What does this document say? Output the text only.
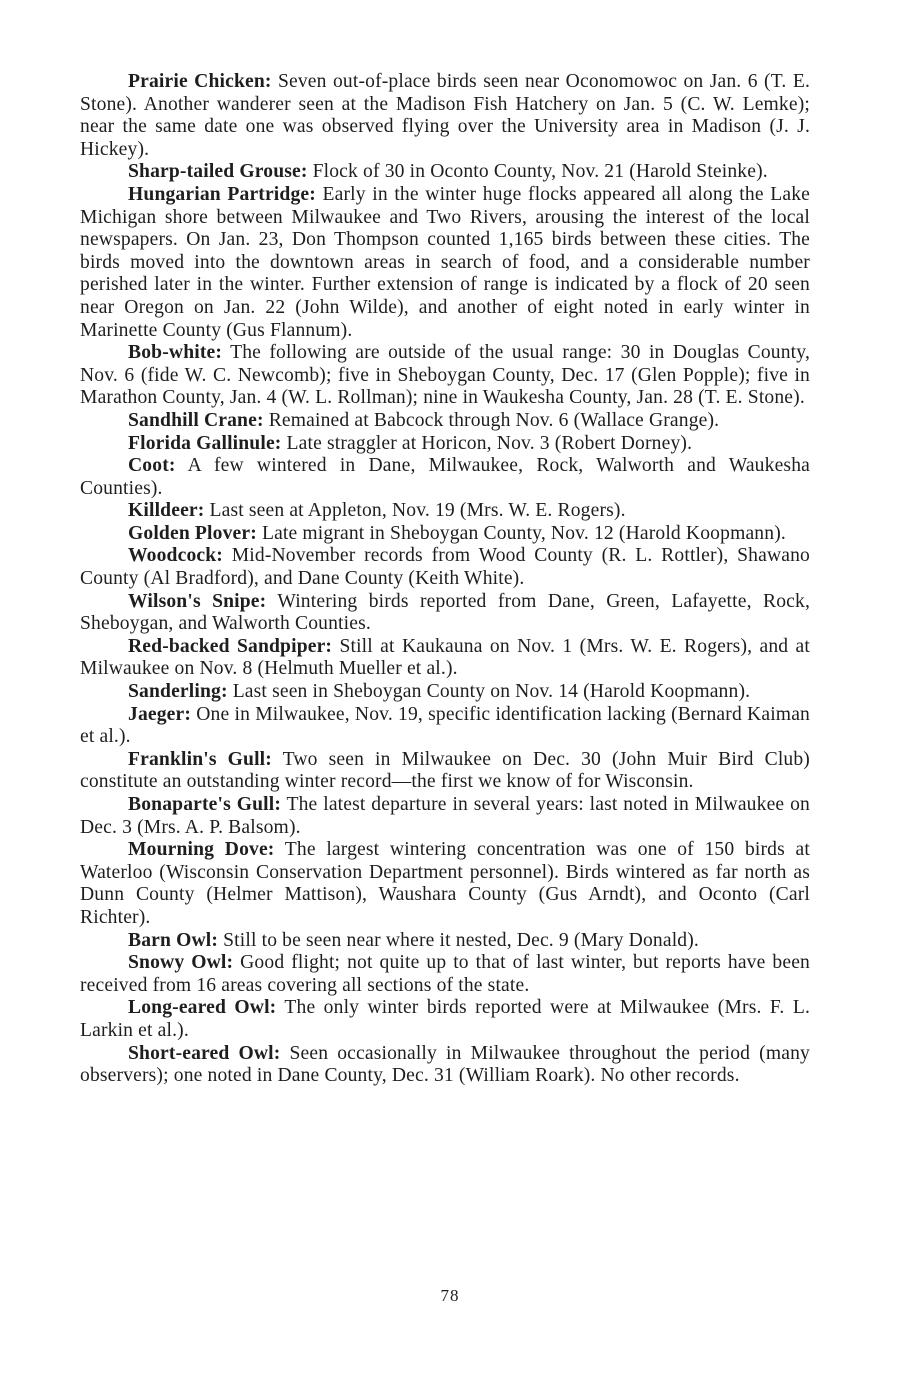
Prairie Chicken: Seven out-of-place birds seen near Oconomowoc on Jan. 6 (T. E. Stone). Another wanderer seen at the Madison Fish Hatchery on Jan. 5 (C. W. Lemke); near the same date one was observed flying over the University area in Madison (J. J. Hickey).

Sharp-tailed Grouse: Flock of 30 in Oconto County, Nov. 21 (Harold Steinke).

Hungarian Partridge: Early in the winter huge flocks appeared all along the Lake Michigan shore between Milwaukee and Two Rivers, arousing the interest of the local newspapers. On Jan. 23, Don Thompson counted 1,165 birds between these cities. The birds moved into the downtown areas in search of food, and a considerable number perished later in the winter. Further extension of range is indicated by a flock of 20 seen near Oregon on Jan. 22 (John Wilde), and another of eight noted in early winter in Marinette County (Gus Flannum).

Bob-white: The following are outside of the usual range: 30 in Douglas County, Nov. 6 (fide W. C. Newcomb); five in Sheboygan County, Dec. 17 (Glen Popple); five in Marathon County, Jan. 4 (W. L. Rollman); nine in Waukesha County, Jan. 28 (T. E. Stone).

Sandhill Crane: Remained at Babcock through Nov. 6 (Wallace Grange).

Florida Gallinule: Late straggler at Horicon, Nov. 3 (Robert Dorney).

Coot: A few wintered in Dane, Milwaukee, Rock, Walworth and Waukesha Counties).

Killdeer: Last seen at Appleton, Nov. 19 (Mrs. W. E. Rogers).

Golden Plover: Late migrant in Sheboygan County, Nov. 12 (Harold Koopmann).

Woodcock: Mid-November records from Wood County (R. L. Rottler), Shawano County (Al Bradford), and Dane County (Keith White).

Wilson's Snipe: Wintering birds reported from Dane, Green, Lafayette, Rock, Sheboygan, and Walworth Counties.

Red-backed Sandpiper: Still at Kaukauna on Nov. 1 (Mrs. W. E. Rogers), and at Milwaukee on Nov. 8 (Helmuth Mueller et al.).

Sanderling: Last seen in Sheboygan County on Nov. 14 (Harold Koopmann).

Jaeger: One in Milwaukee, Nov. 19, specific identification lacking (Bernard Kaiman et al.).

Franklin's Gull: Two seen in Milwaukee on Dec. 30 (John Muir Bird Club) constitute an outstanding winter record—the first we know of for Wisconsin.

Bonaparte's Gull: The latest departure in several years: last noted in Milwaukee on Dec. 3 (Mrs. A. P. Balsom).

Mourning Dove: The largest wintering concentration was one of 150 birds at Waterloo (Wisconsin Conservation Department personnel). Birds wintered as far north as Dunn County (Helmer Mattison), Waushara County (Gus Arndt), and Oconto (Carl Richter).

Barn Owl: Still to be seen near where it nested, Dec. 9 (Mary Donald).

Snowy Owl: Good flight; not quite up to that of last winter, but reports have been received from 16 areas covering all sections of the state.

Long-eared Owl: The only winter birds reported were at Milwaukee (Mrs. F. L. Larkin et al.).

Short-eared Owl: Seen occasionally in Milwaukee throughout the period (many observers); one noted in Dane County, Dec. 31 (William Roark). No other records.

78
